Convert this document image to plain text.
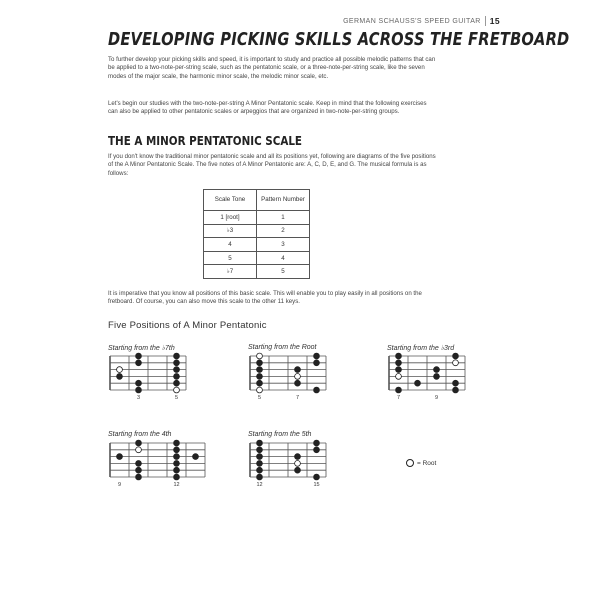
GERMAN SCHAUSS'S SPEED GUITAR	15
DEVELOPING PICKING SKILLS ACROSS THE FRETBOARD

To further develop your picking skills and speed, it is important to study and practice all possible melodic patterns that can be applied to a two-note-per-string scale, such as the pentatonic scale, or a three-note-per-string scale, like the seven modes of the major scale, the harmonic minor scale, the melodic minor scale, etc.

Let's begin our studies with the two-note-per-string A Minor Pentatonic scale. Keep in mind that the following exercises can also be applied to other pentatonic scales or arpeggios that are organized in two-note-per-string groups.

THE A MINOR PENTATONIC SCALE

If you don't know the traditional minor pentatonic scale and all its positions yet, following are diagrams of the five positions of the A Minor Pentatonic Scale. The five notes of A Minor Pentatonic are: A, C, D, E, and G. The musical formula is as follows:

Scale Tone	Pattern Number
1 [root]	1
♭3	2
4	3
5	4
♭7	5

It is imperative that you know all positions of this basic scale. This will enable you to play easily in all positions on the fretboard. Of course, you can also move this scale to the other 11 keys.

Five Positions of A Minor Pentatonic
Starting from the ♭7th
3	5
Starting from the Root
5	7
Starting from the ♭3rd
7	9
Starting from the 4th
9	12
Starting from the 5th
12	15
= Root
